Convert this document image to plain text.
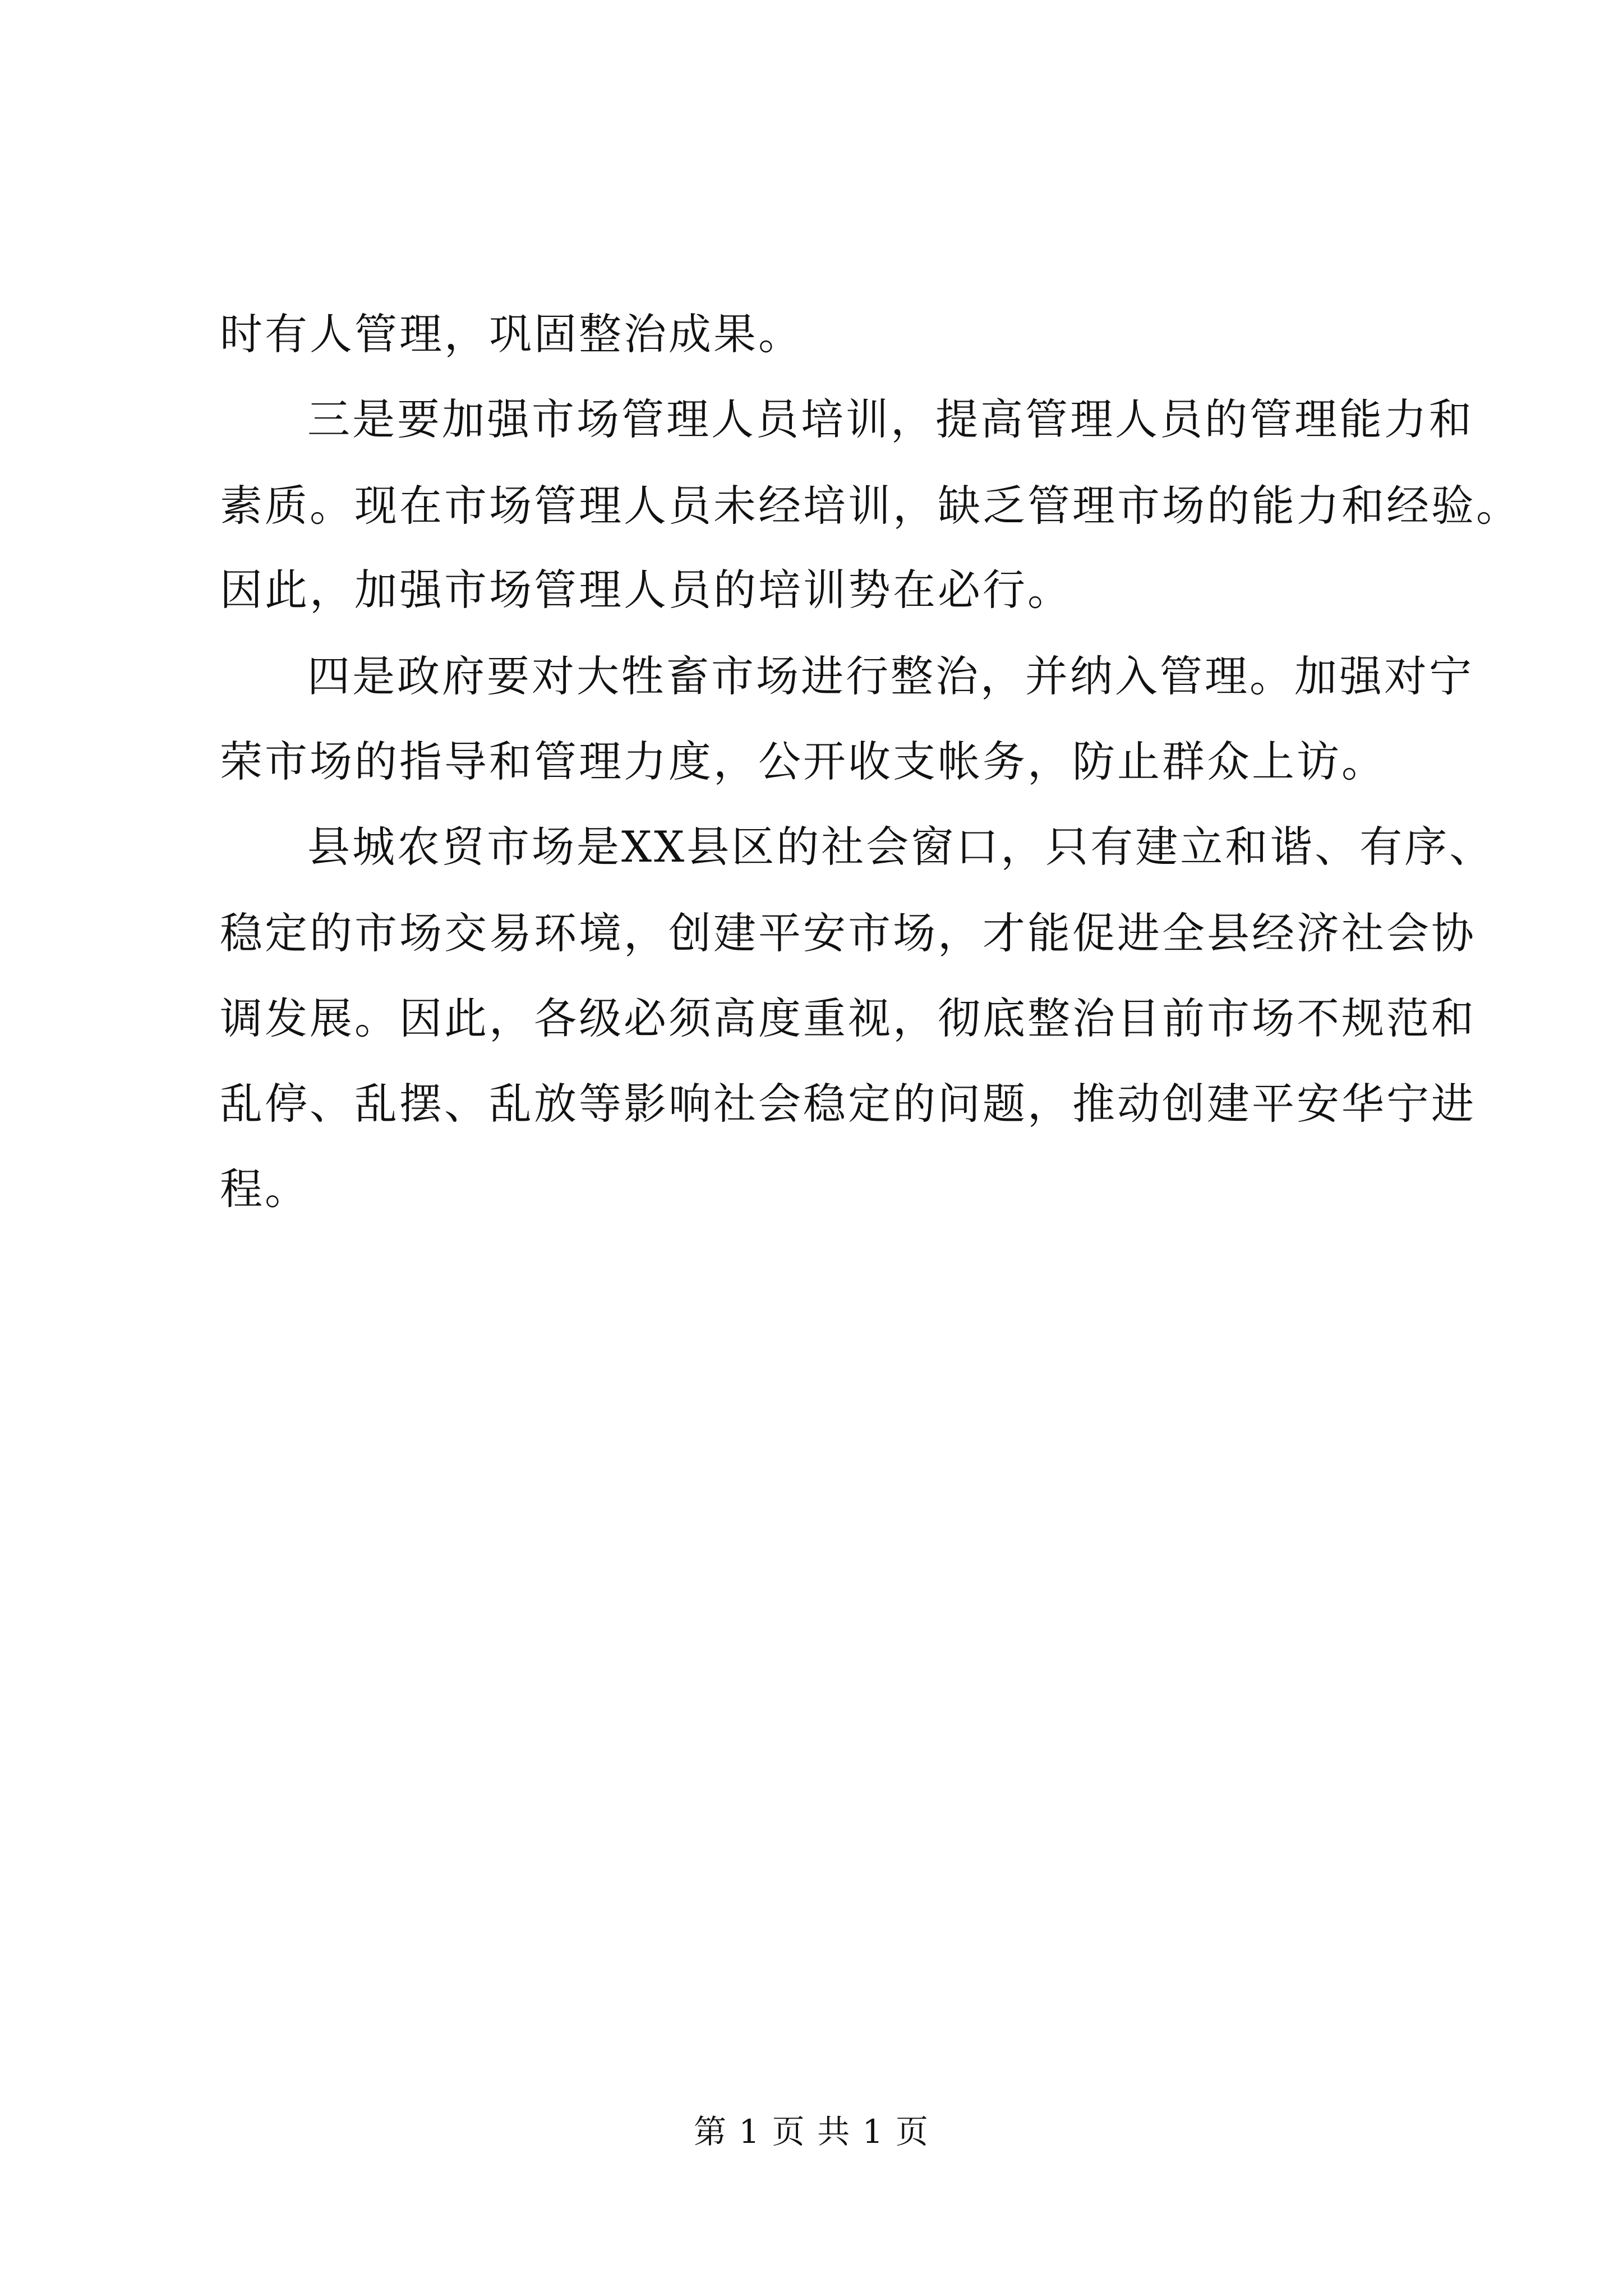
时有人管理，巩固整治成果。

三是要加强市场管理人员培训，提高管理人员的管理能力和

素质。现在市场管理人员未经培训，缺乏管理市场的能力和经验。

因此，加强市场管理人员的培训势在必行。

四是政府要对大牲畜市场进行整治，并纳入管理。加强对宁

荣市场的指导和管理力度，公开收支帐务，防止群众上访。

县城农贸市场是XX县区的社会窗口，只有建立和谐、有序、

稳定的市场交易环境，创建平安市场，才能促进全县经济社会协

调发展。因此，各级必须高度重视，彻底整治目前市场不规范和

乱停、乱摆、乱放等影响社会稳定的问题，推动创建平安华宁进

程。

第 1 页 共 1 页
